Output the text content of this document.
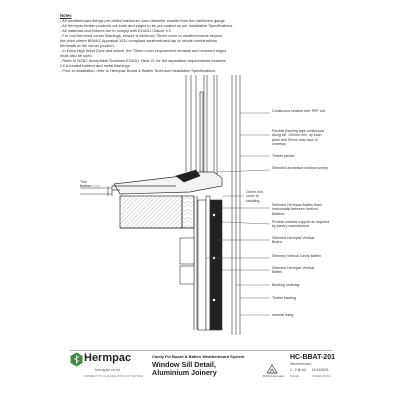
Notes
- All weatherboard fixings pre-drilled maximum 1mm diameter smaller than the nail/screw gauge
- All Hermpac timber products cut ends and edges to be pre-coated as per Installation Specifications.
- All materials and fixtures are to comply with E2/AS1 Clause 9.2
- For non-hemmed corner flashings, ensure a minimum 75mm cover to weatherboards beyond
the point where BRANZ Appraisal 1011 compliant weatherboard lap or rebate combinations
terminate at the corner junction.
- In Extra High Wind Zone and above, the 75mm cover requirement remains and hemmed edges
must also be used.
- Refer to NZBC Acceptable Solutions E2/AS1 Table 21 for the separation requirements between
CCA treated battens and metal flashings.
- Prior to installation, refer to Hermpac Board & Batten Technical Installation Specifications.
Trim
Batten
Continuous sealant over PEF rod
Flexible flashing tape continuous along sill, 100mm min. up each jamb and 50mm onto face of underlay
Timber packer
Selected aluminium window joinery
10mm min. cover to cladding
Selected Hermpac Batten fixed horizontally between Vertical Battens
Provide window support as required by joinery manufacturer
Selected Hermpac Vertical Board
Selected Vertical Cavity Batten
Selected Hermpac Vertical Batten
Building underlay
Timber framing
Internal lining
Hermpac
hermpac.co.nz
SUBJECT TO CHANGE WITHOUT NOTICE
Cavity Fix Board & Batten Weatherboard System
Window Sill Detail,
Aluminium Joinery	BRANZ Appraised
HC-BBAT-201
Weatherboard
1 : 2 @ A4
SCALE
01/11/2021
ISSUED DATE
